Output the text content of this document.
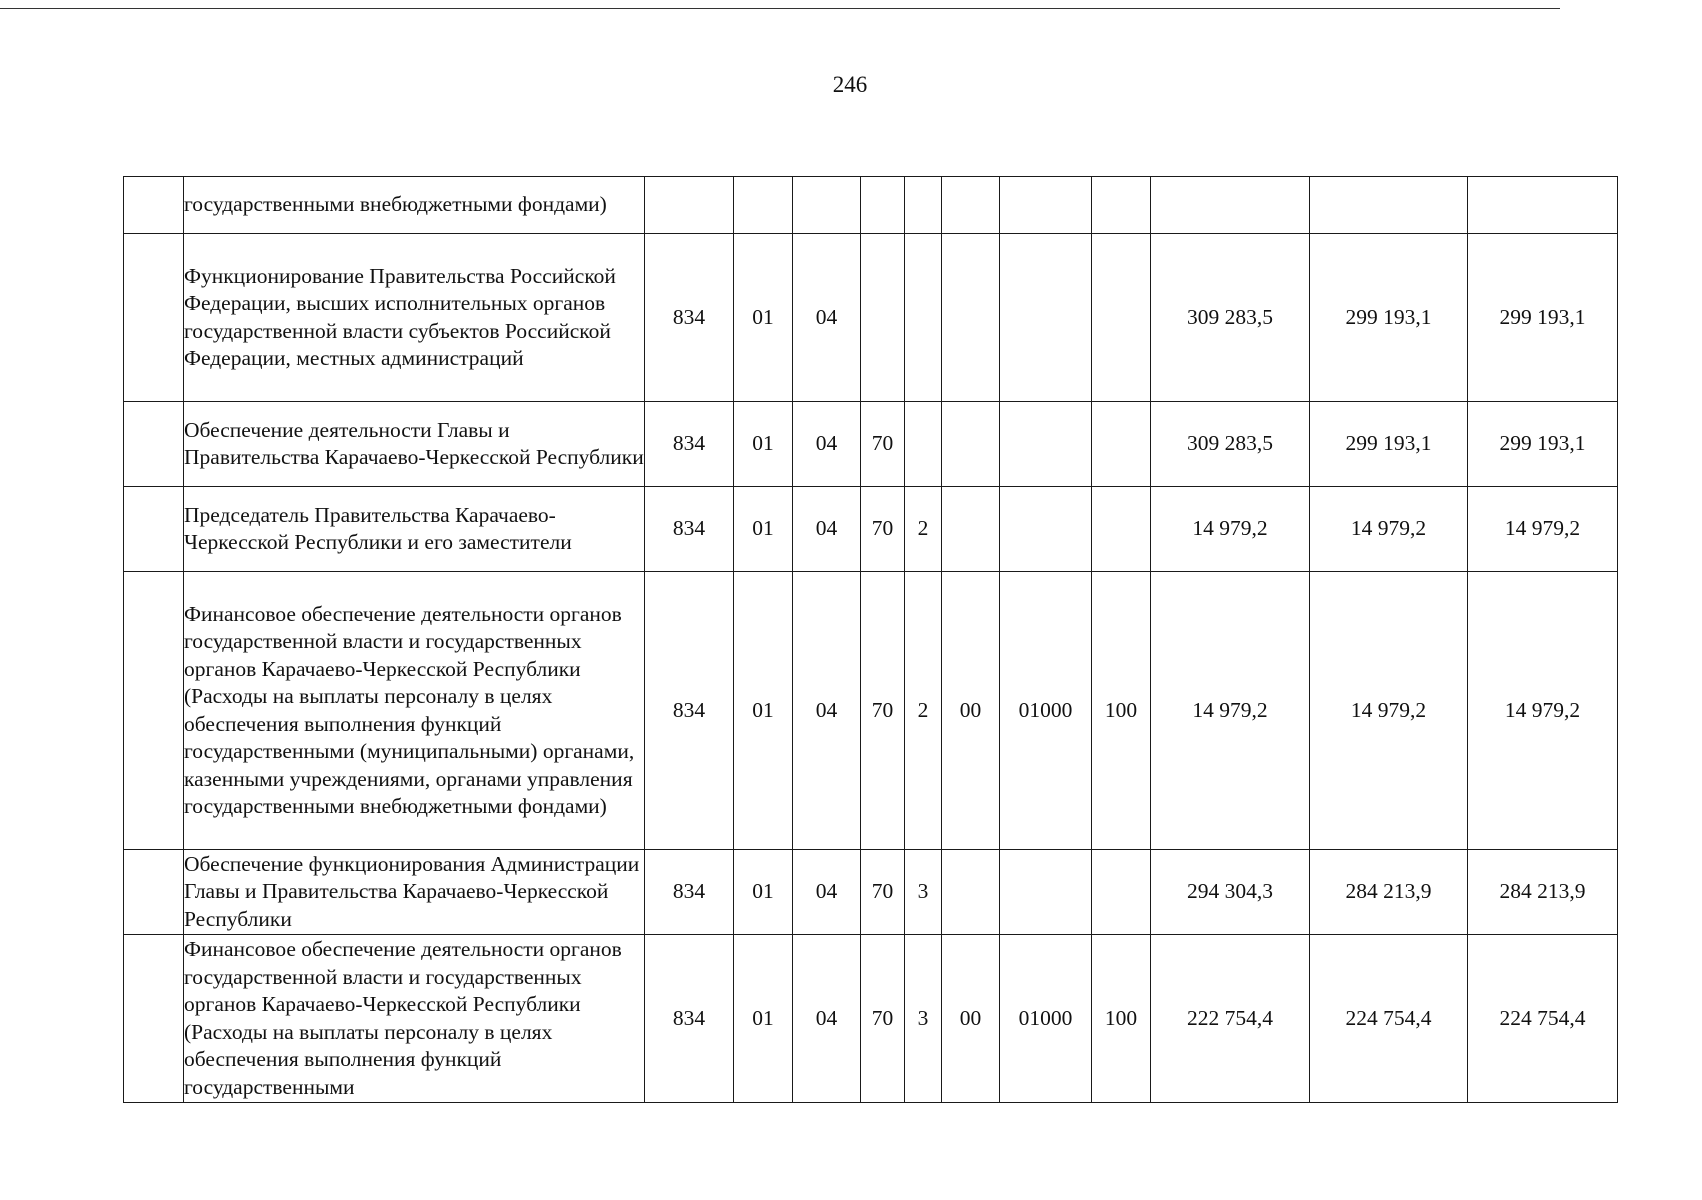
246
	государственными внебюджетными фондами)											
	Функционирование Правительства Российской Федерации, высших исполнительных органов государственной власти субъектов Российской Федерации, местных администраций	834	01	04						309 283,5	299 193,1	299 193,1
	Обеспечение деятельности Главы и Правительства Карачаево-Черкесской Республики	834	01	04	70					309 283,5	299 193,1	299 193,1
	Председатель Правительства Карачаево-Черкесской Республики и его заместители	834	01	04	70	2				14 979,2	14 979,2	14 979,2
	Финансовое обеспечение деятельности органов государственной власти и государственных органов Карачаево-Черкесской Республики (Расходы на выплаты персоналу в целях обеспечения выполнения функций государственными (муниципальными) органами, казенными учреждениями, органами управления государственными внебюджетными фондами)	834	01	04	70	2	00	01000	100	14 979,2	14 979,2	14 979,2
	Обеспечение функционирования Администрации Главы и Правительства Карачаево-Черкесской Республики	834	01	04	70	3				294 304,3	284 213,9	284 213,9
	Финансовое обеспечение деятельности органов государственной власти и государственных органов Карачаево-Черкесской Республики (Расходы на выплаты персоналу в целях обеспечения выполнения функций государственными	834	01	04	70	3	00	01000	100	222 754,4	224 754,4	224 754,4
